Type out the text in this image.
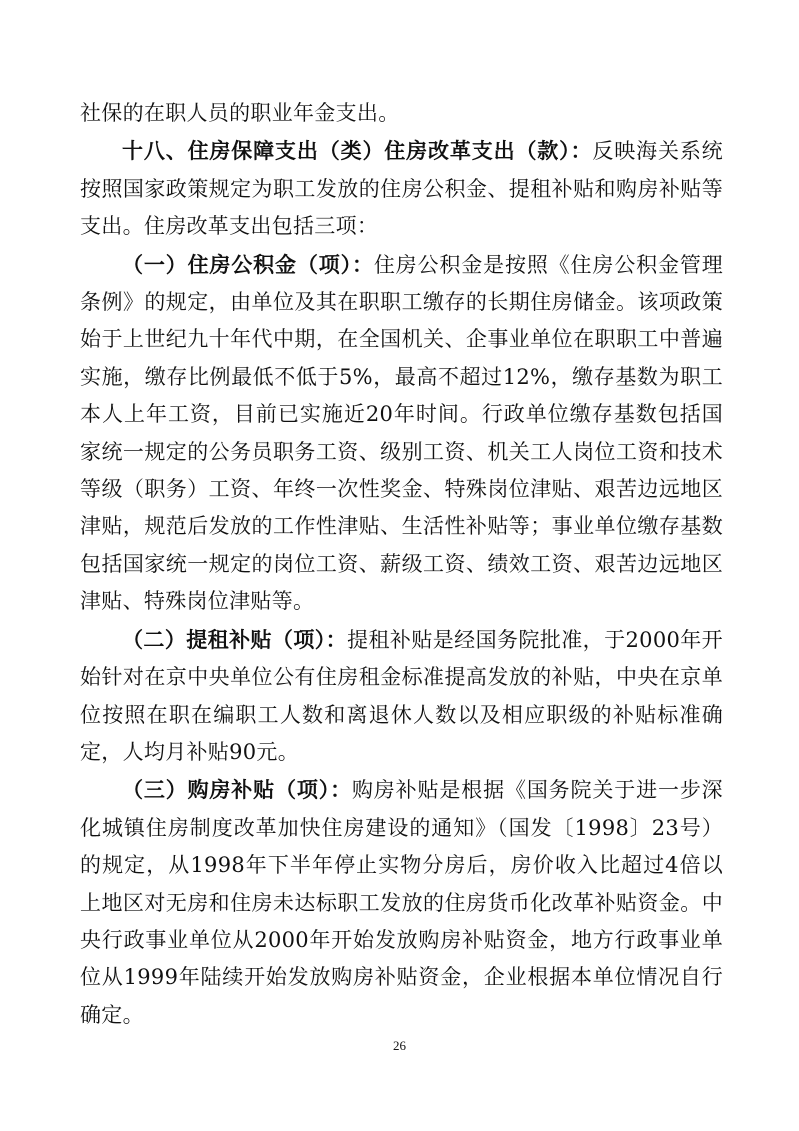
社保的在职人员的职业年金支出。

十八、住房保障支出（类）住房改革支出（款）：反映海关系统按照国家政策规定为职工发放的住房公积金、提租补贴和购房补贴等支出。住房改革支出包括三项：

（一）住房公积金（项）：住房公积金是按照《住房公积金管理条例》的规定，由单位及其在职职工缴存的长期住房储金。该项政策始于上世纪九十年代中期，在全国机关、企事业单位在职职工中普遍实施，缴存比例最低不低于5%，最高不超过12%，缴存基数为职工本人上年工资，目前已实施近20年时间。行政单位缴存基数包括国家统一规定的公务员职务工资、级别工资、机关工人岗位工资和技术等级（职务）工资、年终一次性奖金、特殊岗位津贴、艰苦边远地区津贴，规范后发放的工作性津贴、生活性补贴等；事业单位缴存基数包括国家统一规定的岗位工资、薪级工资、绩效工资、艰苦边远地区津贴、特殊岗位津贴等。

（二）提租补贴（项）：提租补贴是经国务院批准，于2000年开始针对在京中央单位公有住房租金标准提高发放的补贴，中央在京单位按照在职在编职工人数和离退休人数以及相应职级的补贴标准确定，人均月补贴90元。

（三）购房补贴（项）：购房补贴是根据《国务院关于进一步深化城镇住房制度改革加快住房建设的通知》（国发〔1998〕23号）的规定，从1998年下半年停止实物分房后，房价收入比超过4倍以上地区对无房和住房未达标职工发放的住房货币化改革补贴资金。中央行政事业单位从2000年开始发放购房补贴资金，地方行政事业单位从1999年陆续开始发放购房补贴资金，企业根据本单位情况自行确定。

26
